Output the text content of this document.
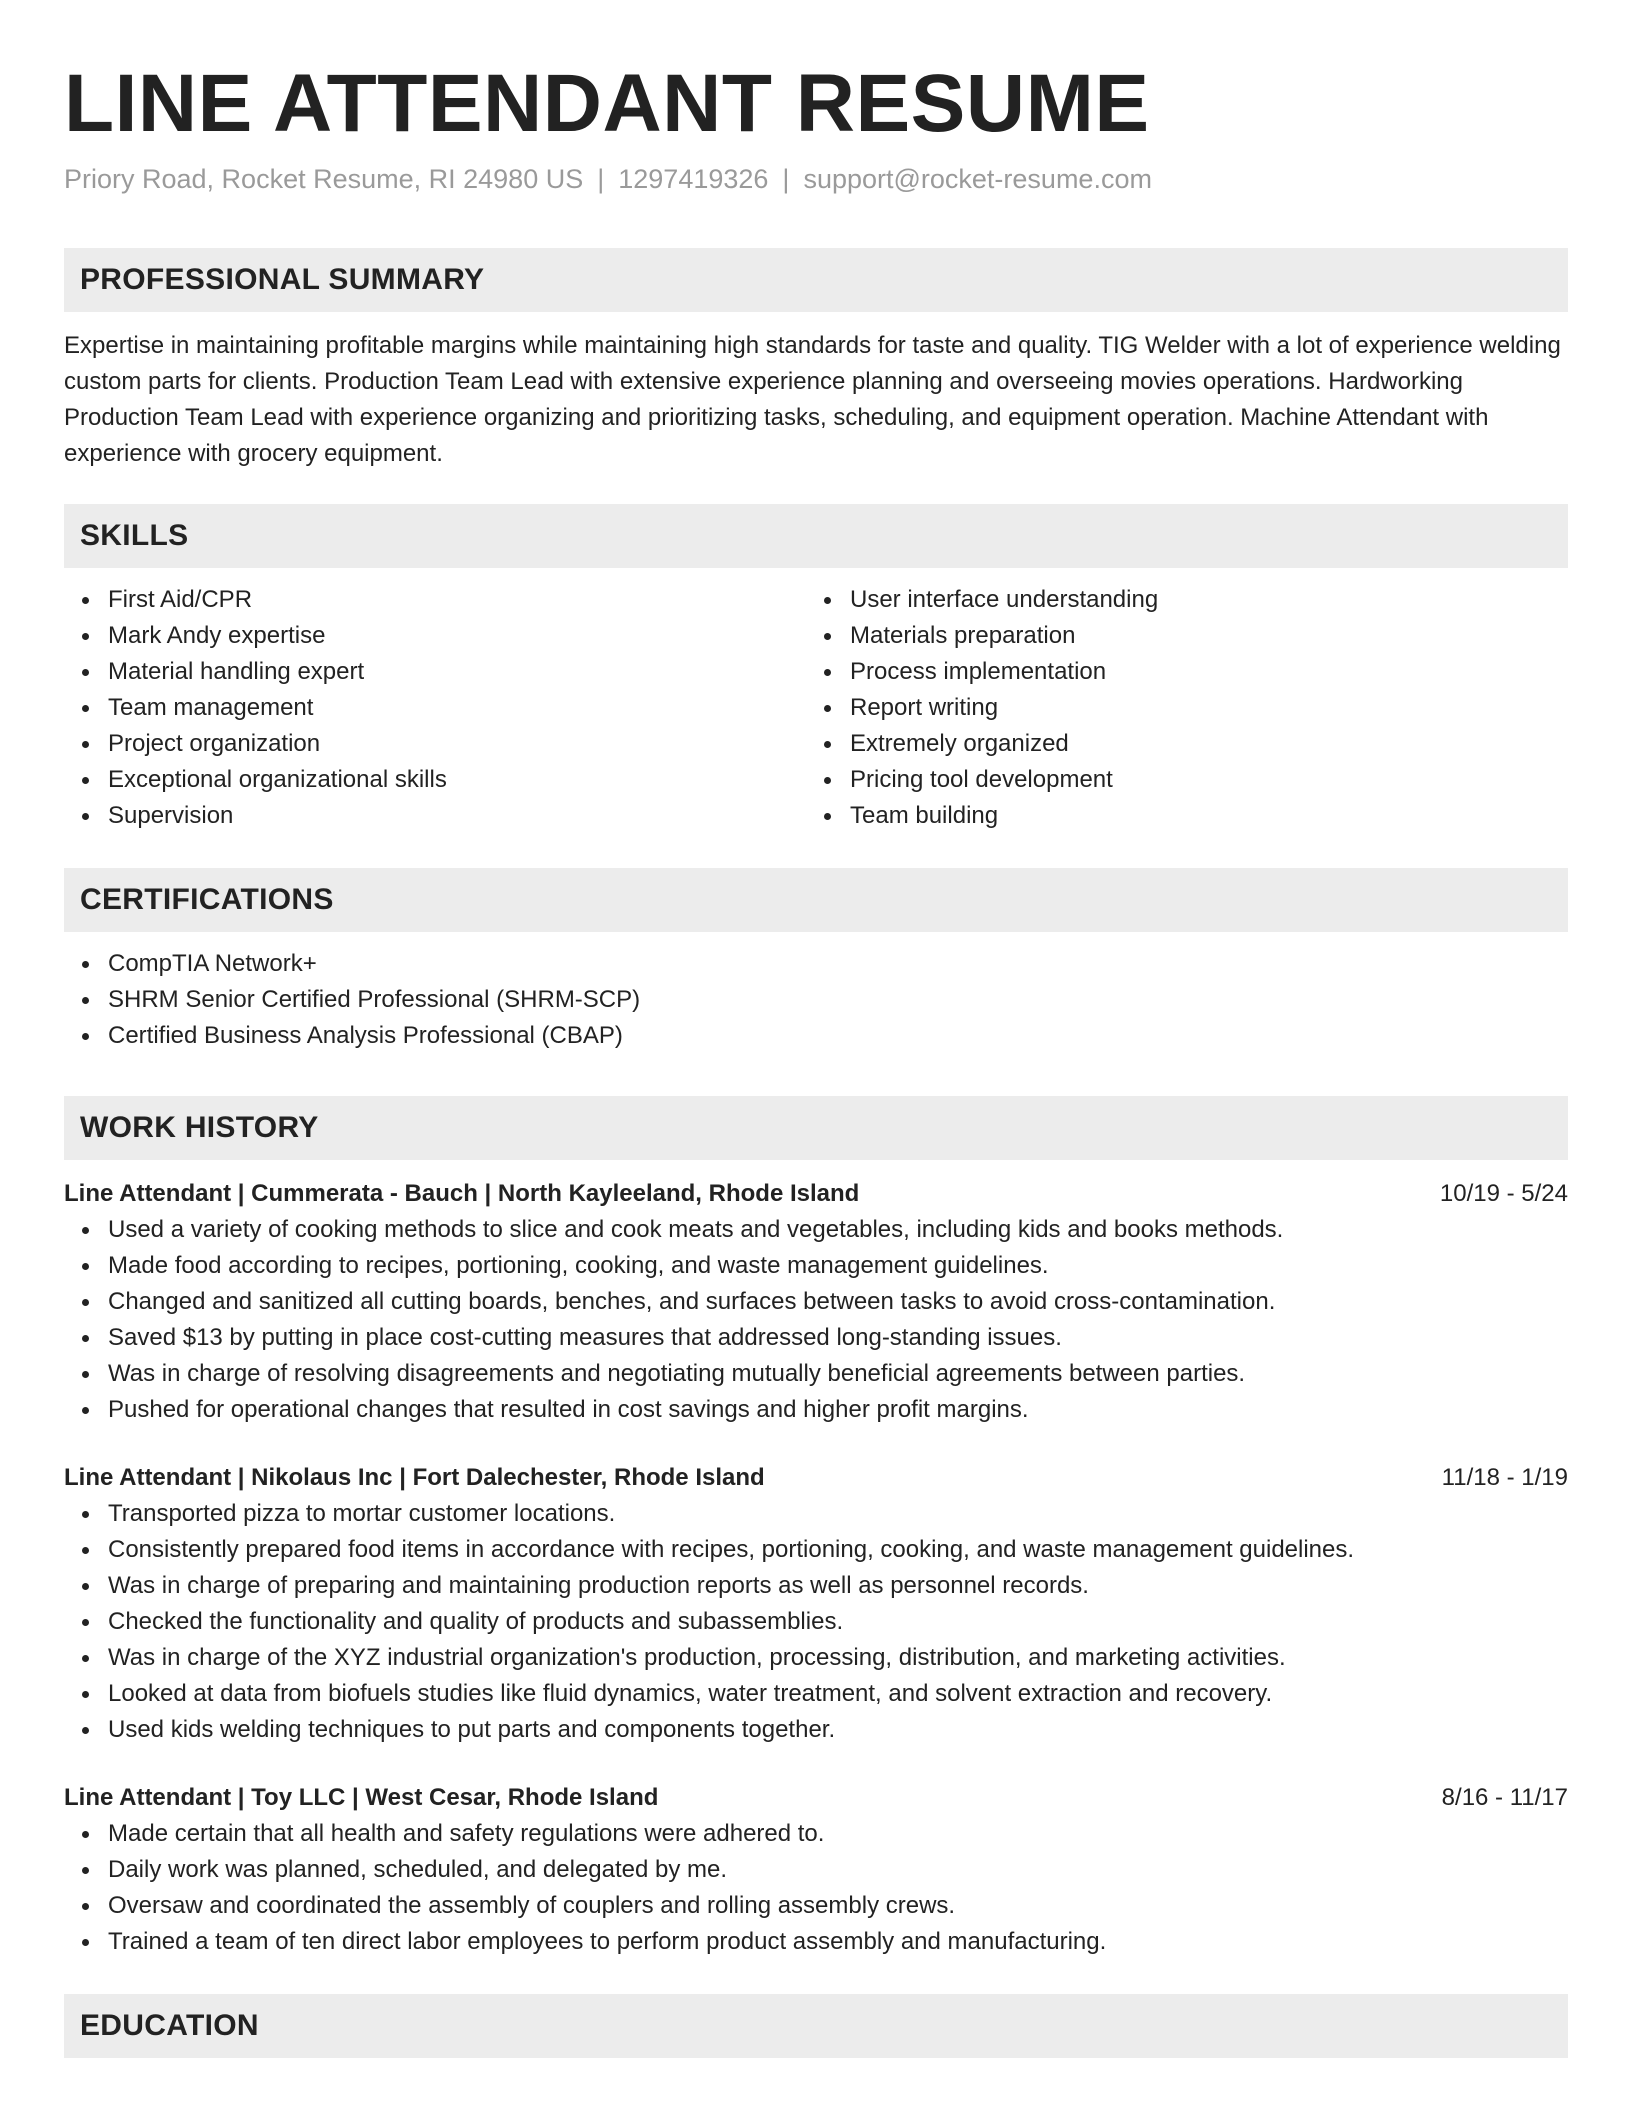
LINE ATTENDANT RESUME
Priory Road, Rocket Resume, RI 24980 US | 1297419326 | support@rocket-resume.com
PROFESSIONAL SUMMARY

Expertise in maintaining profitable margins while maintaining high standards for taste and quality. TIG Welder with a lot of experience welding custom parts for clients. Production Team Lead with extensive experience planning and overseeing movies operations. Hardworking Production Team Lead with experience organizing and prioritizing tasks, scheduling, and equipment operation. Machine Attendant with experience with grocery equipment.

SKILLS
First Aid/CPR
Mark Andy expertise
Material handling expert
Team management
Project organization
Exceptional organizational skills
Supervision
User interface understanding
Materials preparation
Process implementation
Report writing
Extremely organized
Pricing tool development
Team building
CERTIFICATIONS
CompTIA Network+
SHRM Senior Certified Professional (SHRM-SCP)
Certified Business Analysis Professional (CBAP)
WORK HISTORY
Line Attendant | Cummerata - Bauch | North Kayleeland, Rhode Island	10/19 - 5/24
Used a variety of cooking methods to slice and cook meats and vegetables, including kids and books methods.
Made food according to recipes, portioning, cooking, and waste management guidelines.
Changed and sanitized all cutting boards, benches, and surfaces between tasks to avoid cross-contamination.
Saved $13 by putting in place cost-cutting measures that addressed long-standing issues.
Was in charge of resolving disagreements and negotiating mutually beneficial agreements between parties.
Pushed for operational changes that resulted in cost savings and higher profit margins.
Line Attendant | Nikolaus Inc | Fort Dalechester, Rhode Island	11/18 - 1/19
Transported pizza to mortar customer locations.
Consistently prepared food items in accordance with recipes, portioning, cooking, and waste management guidelines.
Was in charge of preparing and maintaining production reports as well as personnel records.
Checked the functionality and quality of products and subassemblies.
Was in charge of the XYZ industrial organization's production, processing, distribution, and marketing activities.
Looked at data from biofuels studies like fluid dynamics, water treatment, and solvent extraction and recovery.
Used kids welding techniques to put parts and components together.
Line Attendant | Toy LLC | West Cesar, Rhode Island	8/16 - 11/17
Made certain that all health and safety regulations were adhered to.
Daily work was planned, scheduled, and delegated by me.
Oversaw and coordinated the assembly of couplers and rolling assembly crews.
Trained a team of ten direct labor employees to perform product assembly and manufacturing.
EDUCATION
